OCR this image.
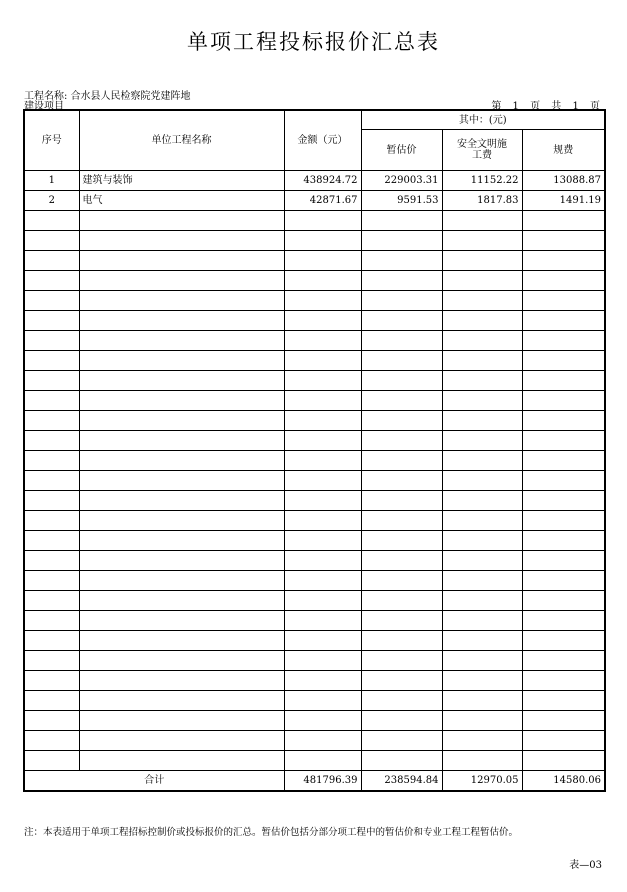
单项工程投标报价汇总表
工程名称: 合水县人民检察院党建阵地
建设项目	第 1 页 共 1 页
序号	单位工程名称	金额（元）	其中：(元)		
			暂估价	安全文明施工费	规费
1	建筑与装饰	438924.72	229003.31	11152.22	13088.87
2	电气	42871.67	9591.53	1817.83	1491.19

合计		481796.39	238594.84	12970.05	14580.06
注：本表适用于单项工程招标控制价或投标报价的汇总。暂估价包括分部分项工程中的暂估价和专业工程工程暂估价。
表—03
